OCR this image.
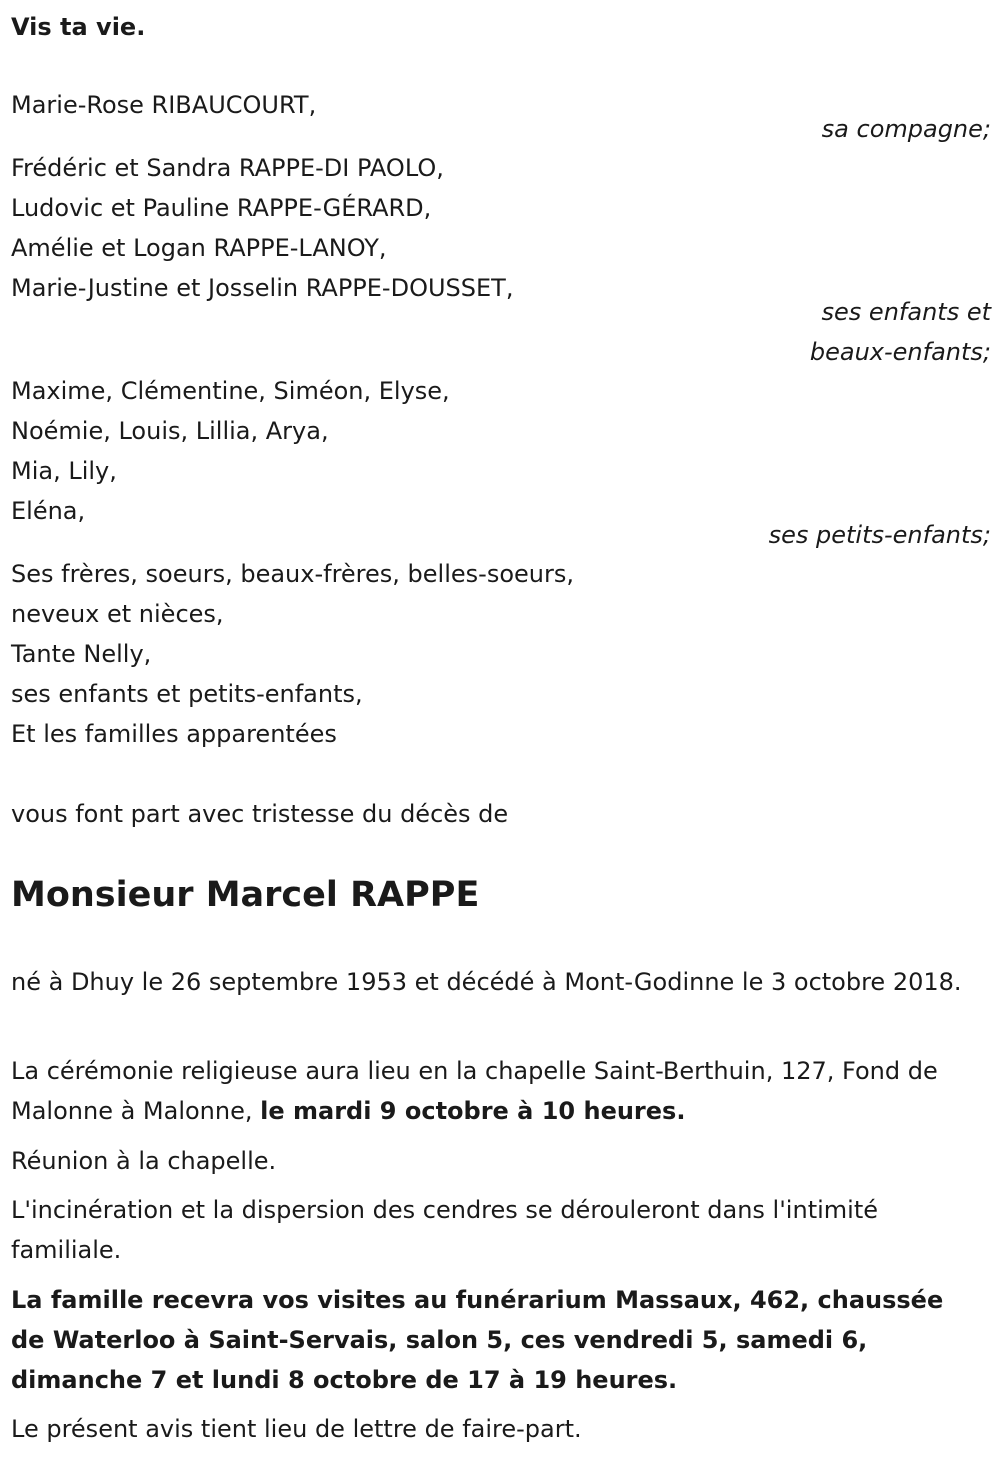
Vis ta vie.
Marie-Rose RIBAUCOURT,
sa compagne;
Frédéric et Sandra RAPPE-DI PAOLO,
Ludovic et Pauline RAPPE-GÉRARD,
Amélie et Logan RAPPE-LANOY,
Marie-Justine et Josselin RAPPE-DOUSSET,
ses enfants et
beaux-enfants;
Maxime, Clémentine, Siméon, Elyse,
Noémie, Louis, Lillia, Arya,
Mia, Lily,
Eléna,
ses petits-enfants;
Ses frères, soeurs, beaux-frères, belles-soeurs,
neveux et nièces,
Tante Nelly,
ses enfants et petits-enfants,
Et les familles apparentées
vous font part avec tristesse du décès de
Monsieur Marcel RAPPE
né à Dhuy le 26 septembre 1953 et décédé à Mont-Godinne le 3 octobre 2018.
La cérémonie religieuse aura lieu en la chapelle Saint-Berthuin, 127, Fond de Malonne à Malonne, le mardi 9 octobre à 10 heures.
Réunion à la chapelle.
L'incinération et la dispersion des cendres se dérouleront dans l'intimité familiale.
La famille recevra vos visites au funérarium Massaux, 462, chaussée de Waterloo à Saint-Servais, salon 5, ces vendredi 5, samedi 6, dimanche 7 et lundi 8 octobre de 17 à 19 heures.
Le présent avis tient lieu de lettre de faire-part.
